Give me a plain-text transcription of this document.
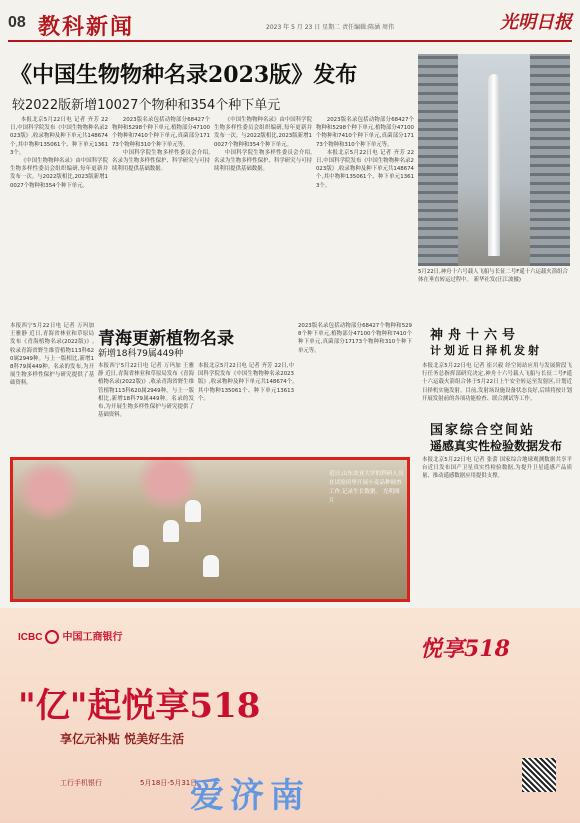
08 教科新闻	2023 年 5 月 23 日 星期二 责任编辑:陈涵 周伟	光明日报
《中国生物物种名录2023版》发布
较2022版新增10027个物种和354个种下单元

本报北京5月22日电 记者 齐芳 22日,中国科学院发布《中国生物物种名录2023版》,收录物种及种下单元共148674个,其中物种135061个、种下单元13613个。

《中国生物物种名录》由中国科学院生物多样性委员会组织编研,每年更新并发布一次。与2022版相比,2023版新增10027个物种和354个种下单元。

2023版名录包括动物部分68427个物种和5298个种下单元,植物部分47100个物种和7410个种下单元,真菌部分17173个物种和310个种下单元等。

中国科学院生物多样性委员会介绍,名录为生物多样性保护、科学研究与可持续利用提供基础数据。

《中国生物物种名录》由中国科学院生物多样性委员会组织编研,每年更新并发布一次。与2022版相比,2023版新增10027个物种和354个种下单元。

中国科学院生物多样性委员会介绍,名录为生物多样性保护、科学研究与可持续利用提供基础数据。

2023版名录包括动物部分68427个物种和5298个种下单元,植物部分47100个物种和7410个种下单元,真菌部分17173个物种和310个种下单元等。

本报北京5月22日电 记者 齐芳 22日,中国科学院发布《中国生物物种名录2023版》,收录物种及种下单元共148674个,其中物种135061个、种下单元13613个。

5月22日,神舟十六号载人飞船与长征二号F遥十六运载火箭组合体在垂直转运过程中。 新华社发(汪江波摄)
神舟十六号
计划近日择机发射
本报北京5月22日电 记者 崔兴毅 经空间站应用与发展阶段飞行任务总指挥部研究决定,神舟十六号载人飞船与长征二号F遥十六运载火箭组合体于5月22日上午安全转运至发射区,计划近日择机实施发射。目前,发射场设施设备状态良好,后续将按计划开展发射前的各项功能检查、联合测试等工作。
国家综合空间站
遥感真实性检验数据发布
本报北京5月22日电 记者 张蕾 国家综合地球观测数据共享平台近日发布国产卫星真实性检验数据,为提升卫星遥感产品质量、推动遥感数据应用提供支撑。
本报西宁5月22日电 记者 万玛加 王雅静 近日,青海省林业和草原局发布《青海植物名录(2022版)》,收录青海省野生维管植物113科620属2949种。与上一版相比,新增18科79属449种。名录的发布,为开展生物多样性保护与研究提供了基础资料。
青海更新植物名录
新增18科79属449种
本报西宁5月22日电 记者 万玛加 王雅静 近日,青海省林业和草原局发布《青海植物名录(2022版)》,收录青海省野生维管植物113科620属2949种。与上一版相比,新增18科79属449种。名录的发布,为开展生物多样性保护与研究提供了基础资料。
本报北京5月22日电 记者 齐芳 22日,中国科学院发布《中国生物物种名录2023版》,收录物种及种下单元共148674个,其中物种135061个、种下单元13613个。
2023版名录包括动物部分68427个物种和5298个种下单元,植物部分47100个物种和7410个种下单元,真菌部分17173个物种和310个种下单元等。
近日,山东农业大学的科研人员在试验田里开展小麦品种调查工作,记录生长数据。 光明图片
ICBC 中国工商银行	悦享518
"亿"起悦享518
享亿元补贴 悦美好生活
工行手机银行	5月18日-5月31日
爱济南
